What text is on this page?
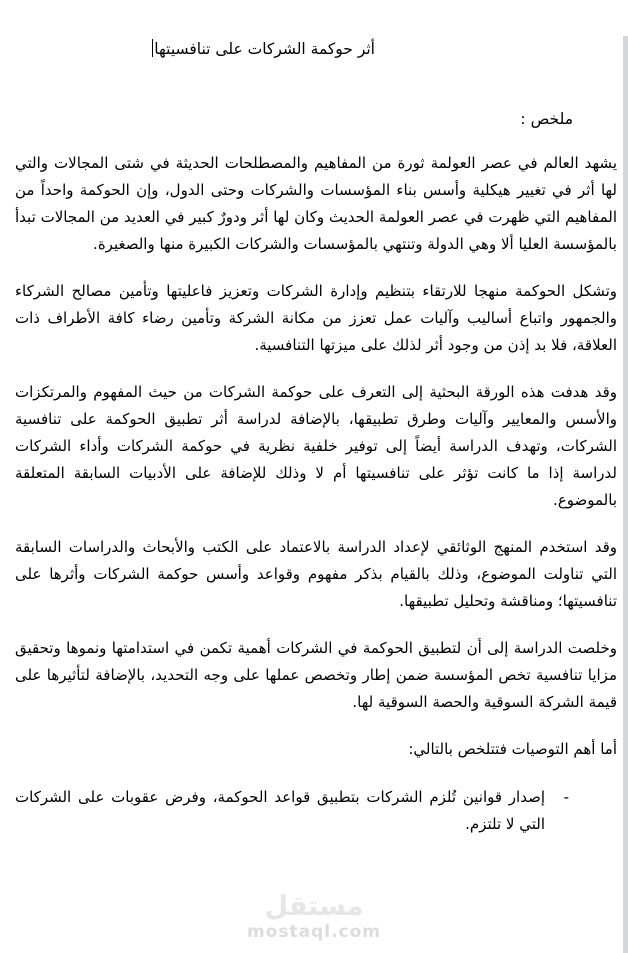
أثر حوكمة الشركات على تنافسيتها
ملخص :

يشهد العالم في عصر العولمة ثورة من المفاهيم والمصطلحات الحديثة في شتى المجالات والتي لها أثر في تغيير هيكلية وأسس بناء المؤسسات والشركات وحتى الدول، وإن الحوكمة واحداً من المفاهيم التي ظهرت في عصر العولمة الحديث وكان لها أثر ودورٌ كبير في العديد من المجالات تبدأ بالمؤسسة العليا ألا وهي الدولة وتنتهي بالمؤسسات والشركات الكبيرة منها والصغيرة.

وتشكل الحوكمة منهجا للارتقاء بتنظيم وإدارة الشركات وتعزيز فاعليتها وتأمين مصالح الشركاء والجمهور واتباع أساليب وآليات عمل تعزز من مكانة الشركة وتأمين رضاء كافة الأطراف ذات العلاقة، فلا بد إذن من وجود أثر لذلك على ميزتها التنافسية.

وقد هدفت هذه الورقة البحثية إلى التعرف على حوكمة الشركات من حيث المفهوم والمرتكزات والأسس والمعايير وآليات وطرق تطبيقها، بالإضافة لدراسة أثر تطبيق الحوكمة على تنافسية الشركات، وتهدف الدراسة أيضاً إلى توفير خلفية نظرية في حوكمة الشركات وأداء الشركات لدراسة إذا ما كانت تؤثر على تنافسيتها أم لا وذلك للإضافة على الأدبيات السابقة المتعلقة بالموضوع.

وقد استخدم المنهج الوثائقي لإعداد الدراسة بالاعتماد على الكتب والأبحاث والدراسات السابقة التي تناولت الموضوع، وذلك بالقيام بذكر مفهوم وقواعد وأسس حوكمة الشركات وأثرها على تنافسيتها؛ ومناقشة وتحليل تطبيقها.

وخلصت الدراسة إلى أن لتطبيق الحوكمة في الشركات أهمية تكمن في استدامتها ونموها وتحقيق مزايا تنافسية تخص المؤسسة ضمن إطار وتخصص عملها على وجه التحديد، بالإضافة لتأثيرها على قيمة الشركة السوقية والحصة السوقية لها.

أما أهم التوصيات فتتلخص بالتالي:

-
إصدار قوانين تُلزم الشركات بتطبيق قواعد الحوكمة، وفرض عقوبات على الشركات التي لا تلتزم.
مستقل
mostaql.com
